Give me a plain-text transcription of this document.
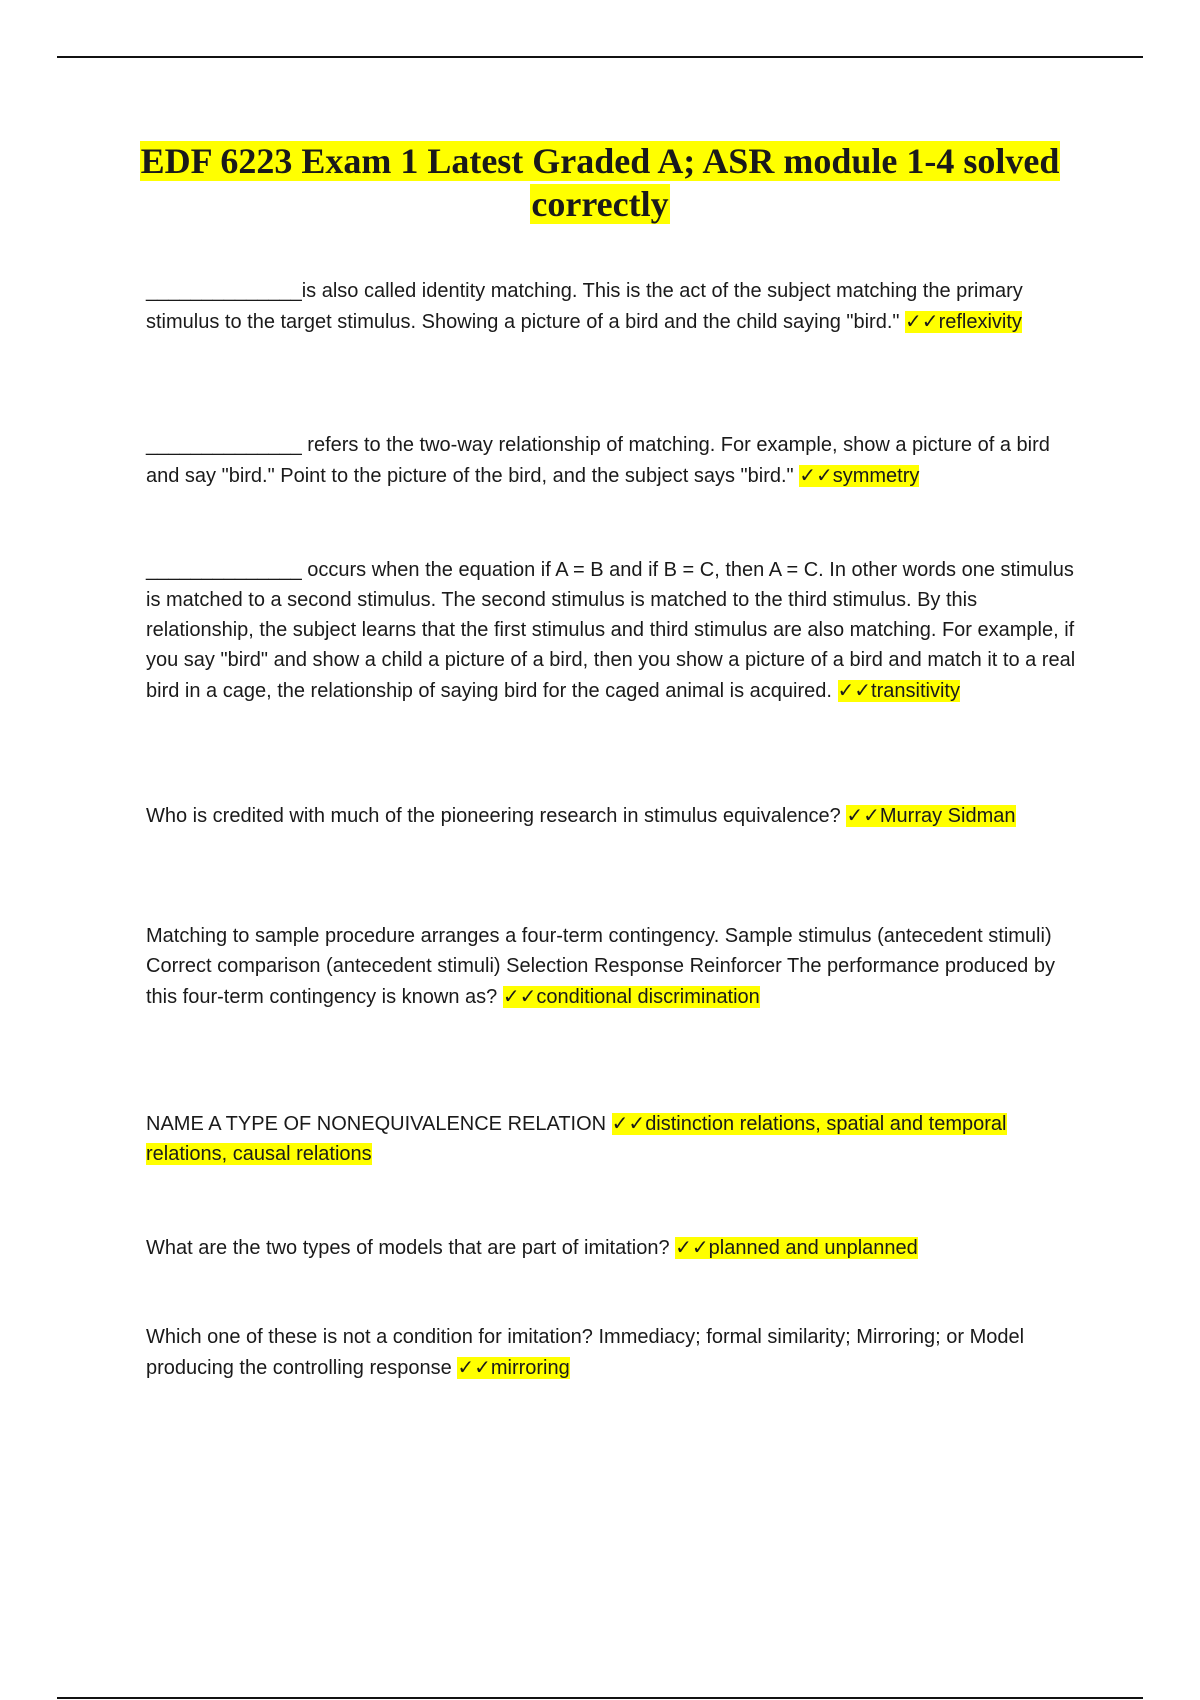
EDF 6223 Exam 1 Latest Graded A; ASR module 1-4 solved correctly

______________is also called identity matching. This is the act of the subject matching the primary stimulus to the target stimulus. Showing a picture of a bird and the child saying "bird." ✓✓reflexivity

______________ refers to the two-way relationship of matching. For example, show a picture of a bird and say "bird." Point to the picture of the bird, and the subject says "bird." ✓✓symmetry

______________ occurs when the equation if A = B and if B = C, then A = C. In other words one stimulus is matched to a second stimulus. The second stimulus is matched to the third stimulus. By this relationship, the subject learns that the first stimulus and third stimulus are also matching. For example, if you say "bird" and show a child a picture of a bird, then you show a picture of a bird and match it to a real bird in a cage, the relationship of saying bird for the caged animal is acquired. ✓✓transitivity

Who is credited with much of the pioneering research in stimulus equivalence? ✓✓Murray Sidman

Matching to sample procedure arranges a four-term contingency. Sample stimulus (antecedent stimuli) Correct comparison (antecedent stimuli) Selection Response Reinforcer The performance produced by this four-term contingency is known as? ✓✓conditional discrimination

NAME A TYPE OF NONEQUIVALENCE RELATION ✓✓distinction relations, spatial and temporal relations, causal relations

What are the two types of models that are part of imitation? ✓✓planned and unplanned

Which one of these is not a condition for imitation? Immediacy; formal similarity; Mirroring; or Model producing the controlling response ✓✓mirroring
